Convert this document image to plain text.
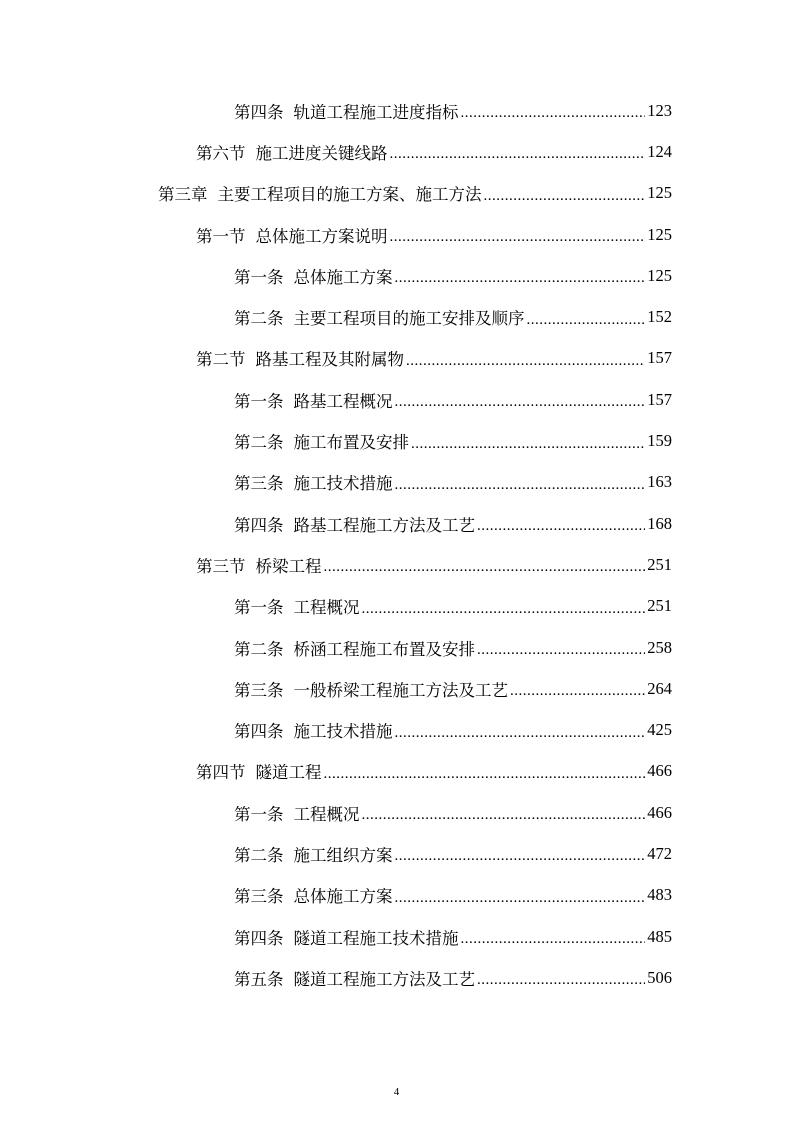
第四条 轨道工程施工进度指标 .....	123
第六节 施工进度关键线路 .....	124
第三章 主要工程项目的施工方案、施工方法 .....	125
第一节 总体施工方案说明 .....	125
第一条 总体施工方案 .....	125
第二条 主要工程项目的施工安排及顺序 .....	152
第二节 路基工程及其附属物 .....	157
第一条 路基工程概况 .....	157
第二条 施工布置及安排 .....	159
第三条 施工技术措施 .....	163
第四条 路基工程施工方法及工艺 .....	168
第三节 桥梁工程 .....	251
第一条 工程概况 .....	251
第二条 桥涵工程施工布置及安排 .....	258
第三条 一般桥梁工程施工方法及工艺 .....	264
第四条 施工技术措施 .....	425
第四节 隧道工程 .....	466
第一条 工程概况 .....	466
第二条 施工组织方案 .....	472
第三条 总体施工方案 .....	483
第四条 隧道工程施工技术措施 .....	485
第五条 隧道工程施工方法及工艺 .....	506
4
